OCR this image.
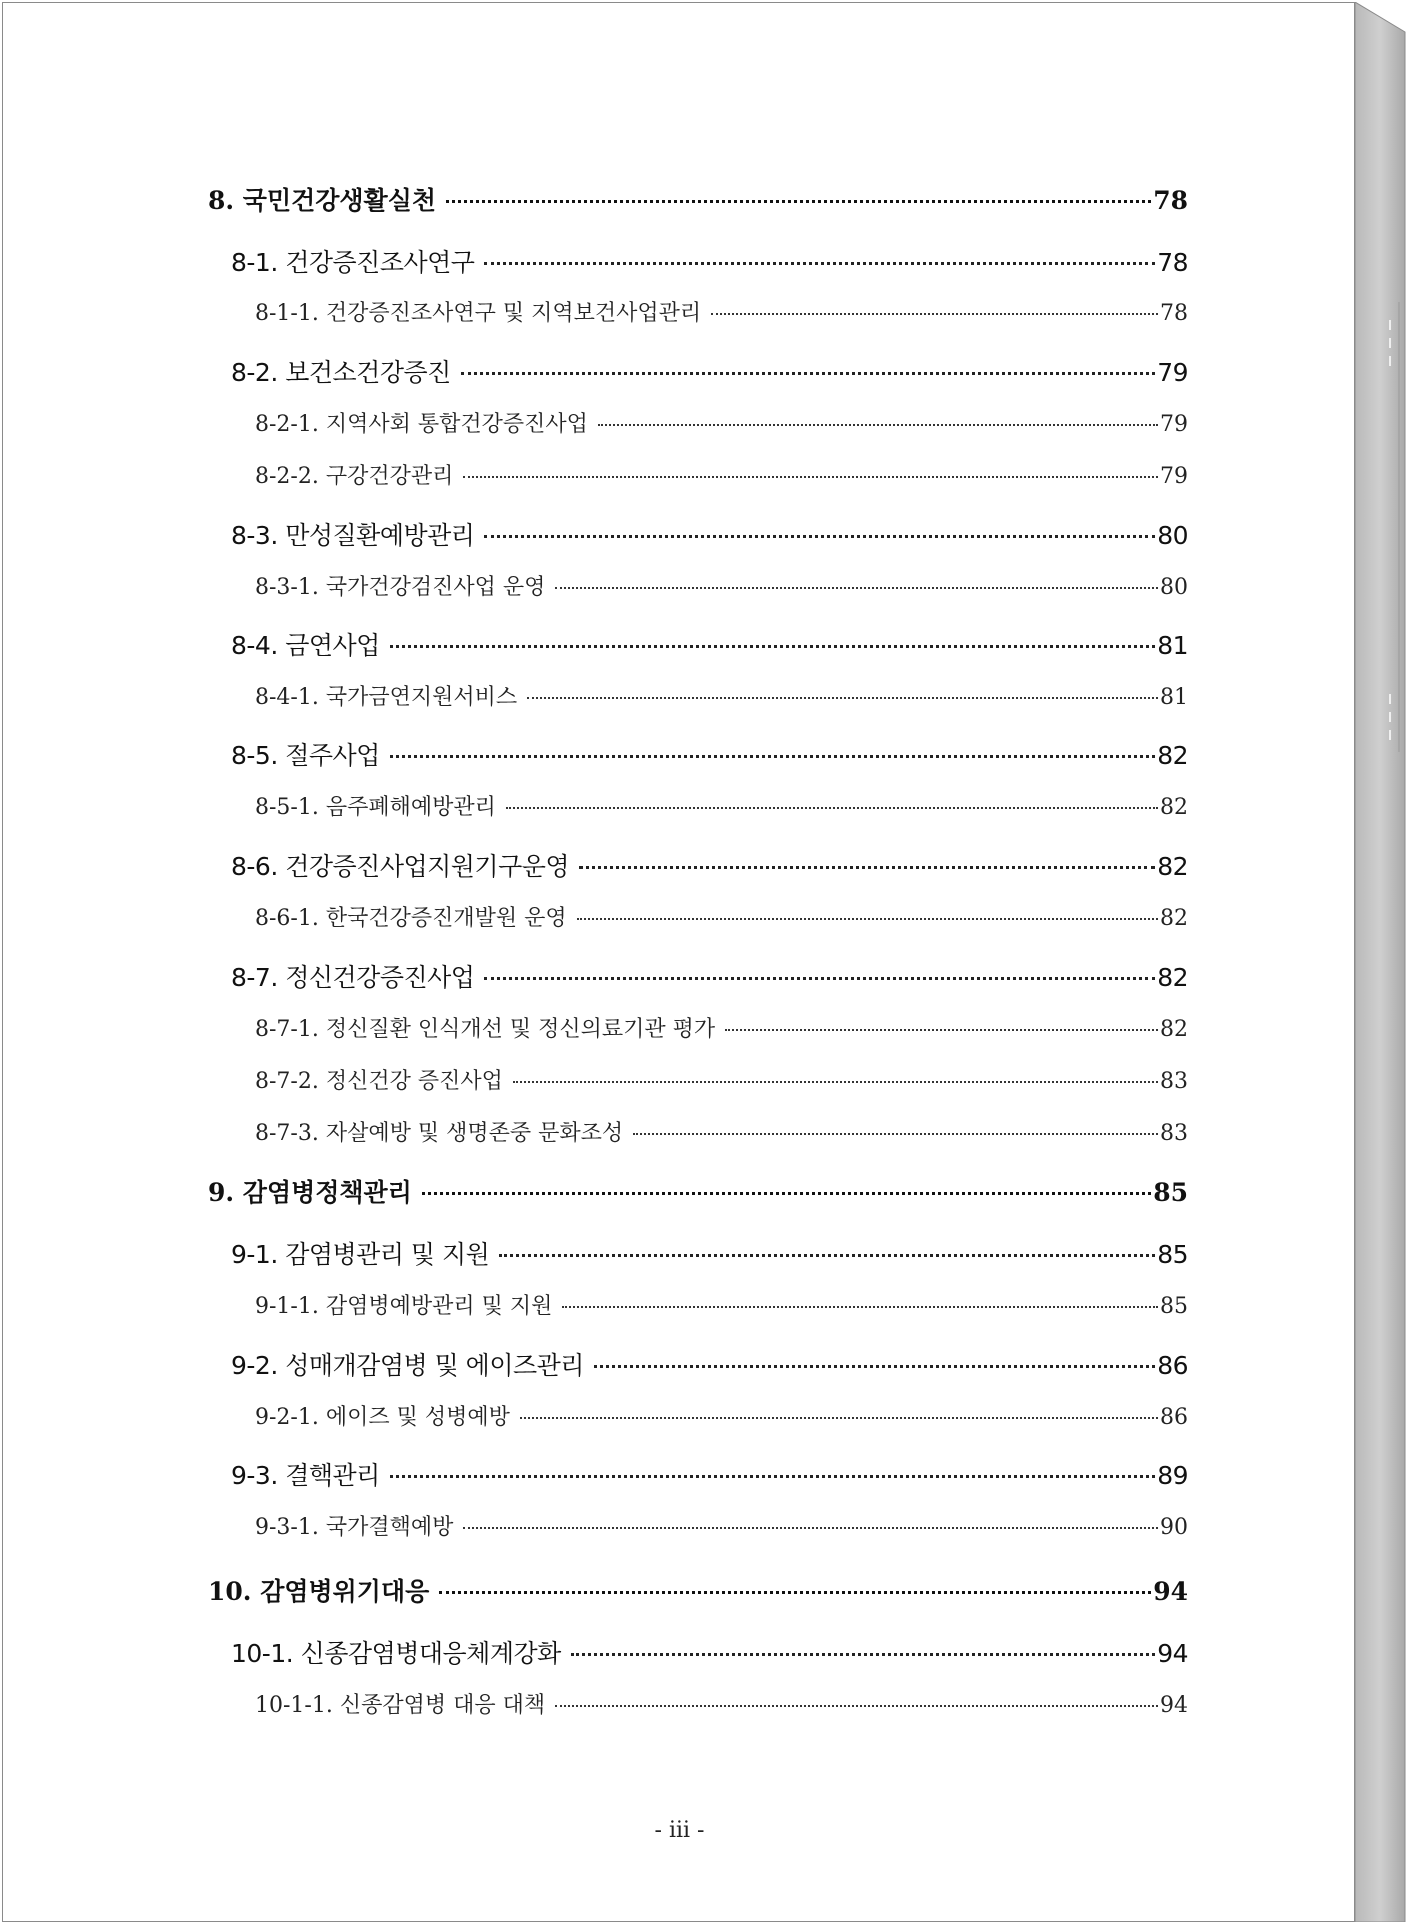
8. 국민건강생활실천	78
8-1. 건강증진조사연구	78
8-1-1. 건강증진조사연구 및 지역보건사업관리	78
8-2. 보건소건강증진	79
8-2-1. 지역사회 통합건강증진사업	79
8-2-2. 구강건강관리	79
8-3. 만성질환예방관리	80
8-3-1. 국가건강검진사업 운영	80
8-4. 금연사업	81
8-4-1. 국가금연지원서비스	81
8-5. 절주사업	82
8-5-1. 음주폐해예방관리	82
8-6. 건강증진사업지원기구운영	82
8-6-1. 한국건강증진개발원 운영	82
8-7. 정신건강증진사업	82
8-7-1. 정신질환 인식개선 및 정신의료기관 평가	82
8-7-2. 정신건강 증진사업	83
8-7-3. 자살예방 및 생명존중 문화조성	83
9. 감염병정책관리	85
9-1. 감염병관리 및 지원	85
9-1-1. 감염병예방관리 및 지원	85
9-2. 성매개감염병 및 에이즈관리	86
9-2-1. 에이즈 및 성병예방	86
9-3. 결핵관리	89
9-3-1. 국가결핵예방	90
10. 감염병위기대응	94
10-1. 신종감염병대응체계강화	94
10-1-1. 신종감염병 대응 대책	94
- iii -
